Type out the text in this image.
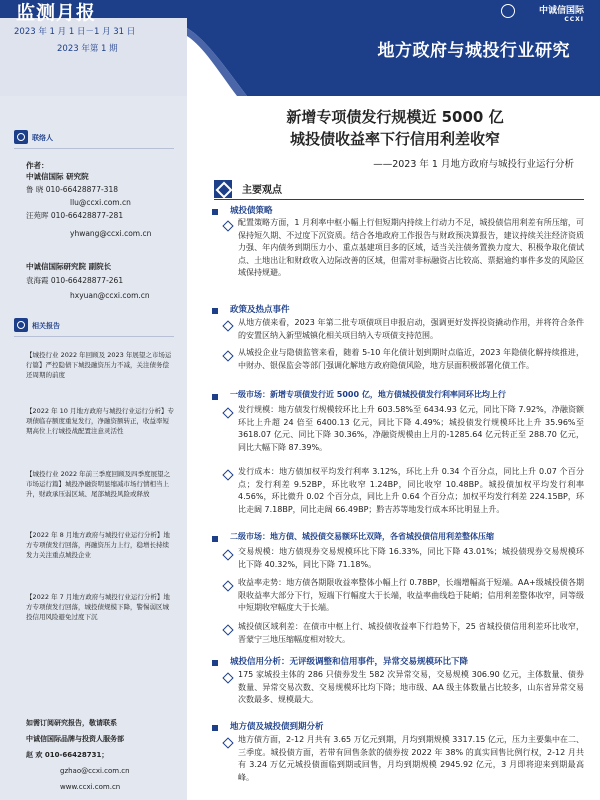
监测月报
2023 年 1 月 1 日－1 月 31 日
2023 年第 1 期
中诚信国际
CCXI
地方政府与城投行业研究
联络人
作者：
中诚信国际 研究院
鲁 晓 010-66428877-318
llu@ccxi.com.cn
汪苑晖 010-66428877-281
yhwang@ccxi.com.cn
中诚信国际研究院 副院长
袁海霞 010-66428877-261
hxyuan@ccxi.com.cn
相关报告
【城投行业 2022 年回顾及 2023 年展望之市场运行篇】严控隐债下城投融资压力不减，关注债务偿还周期的前度
【2022 年 10 月地方政府与城投行业运行分析】专项债临存额度重复发行，净融资额转正，收益率短期高位上行城投战配置注意灵活性
【城投行业 2022 年前三季度回顾及四季度展望之市场运行篇】城投净融资明显缩减市场行情相当上升，财政承压弱区域、尾部城投风险或释放
【2022 年 8 月地方政府与城投行业运行分析】地方专项债发行回落，再融资压力上行，稳增长持续发力关注重点城投企业
【2022 年 7 月地方政府与城投行业运行分析】地方专项债发行回落，城投债规模下降，警惕弱区城投信用风险避免过度下沉
如需订阅研究报告，敬请联系
中诚信国际品牌与投资人服务部
赵 欢 010-66428731；
gzhao@ccxi.com.cn
www.ccxi.com.cn
新增专项债发行规模近 5000 亿
城投债收益率下行信用利差收窄
——2023 年 1 月地方政府与城投行业运行分析
主要观点
城投债策略
配置策略方面，1 月利率中枢小幅上行但短期内持续上行动力不足，城投债信用利差有所压缩，可保持短久期、不过度下沉资质。结合各地政府工作报告与财政预决算报告，建议持续关注经济资质力强、年内债务到期压力小、重点基建项目多的区域，适当关注债务置换力度大、积极争取化债试点、土地出让和财政收入边际改善的区域，但需对非标融资占比较高、票据逾约事件多发的风险区域保持规避。
政策及热点事件
从地方债来看，2023 年第二批专项债项目申报启动，强调更好发挥投资撬动作用，并将符合条件的安置区纳入新型城镇化相关项目纳入专项债支持范围。
从城投企业与隐债监管来看，随着 5-10 年化债计划到期时点临近，2023 年隐债化解持续推进，中财办、银保监会等部门强调化解地方政府隐债风险，地方层面积极部署化债工作。
一级市场：新增专项债发行近 5000 亿，地方债城投债发行利率同环比均上行
发行规模：地方债发行规模较环比上升 603.58%至 6434.93 亿元，同比下降 7.92%，净融资额环比上升超 24 倍至 6400.13 亿元，同比下降 4.49%；城投债发行规模环比上升 35.96%至 3618.07 亿元、同比下降 30.36%，净融资规模由上月的-1285.64 亿元转正至 288.70 亿元，同比大幅下降 87.39%。
发行成本：地方债加权平均发行利率 3.12%，环比上升 0.34 个百分点，同比上升 0.07 个百分点；发行利差 9.52BP，环比收窄 1.24BP，同比收窄 10.48BP。城投债加权平均发行利率 4.56%，环比微升 0.02 个百分点，同比上升 0.64 个百分点；加权平均发行利差 224.15BP，环比走阔 7.18BP，同比走阔 66.49BP；黔吉苏等地发行成本环比明显上升。
二级市场：地方债、城投债交易额环比双降，各省城投债信用利差整体压缩
交易规模：地方债现券交易规模环比下降 16.33%，同比下降 43.01%；城投债现券交易规模环比下降 40.32%，同比下降 71.18%。
收益率走势：地方债各期限收益率整体小幅上行 0.78BP，长端增幅高于短端。AA+级城投债各期限收益率大部分下行，短端下行幅度大于长端，收益率曲线趋于陡峭；信用利差整体收窄，同等级中短期收窄幅度大于长端。
城投债区域利差：在债市中枢上行、城投债收益率下行趋势下，25 省城投债信用利差环比收窄，晋蒙宁三地压缩幅度相对较大。
城投信用分析：无评级调整和信用事件，异常交易规模环比下降
175 家城投主体的 286 只债券发生 582 次异常交易，交易规模 306.90 亿元，主体数量、债券数量、异常交易次数、交易规模环比均下降；地市级、AA 级主体数量占比较多，山东省异常交易次数最多、规模最大。
地方债及城投债到期分析
地方债方面，2-12 月共有 3.65 万亿元到期，月均到期规模 3317.15 亿元，压力主要集中在二、三季度。城投债方面，若带有回售条款的债券按 2022 年 38% 的真实回售比例行权，2-12 月共有 3.24 万亿元城投债面临到期或回售，月均到期规模 2945.92 亿元，3 月即将迎来到期最高峰。
